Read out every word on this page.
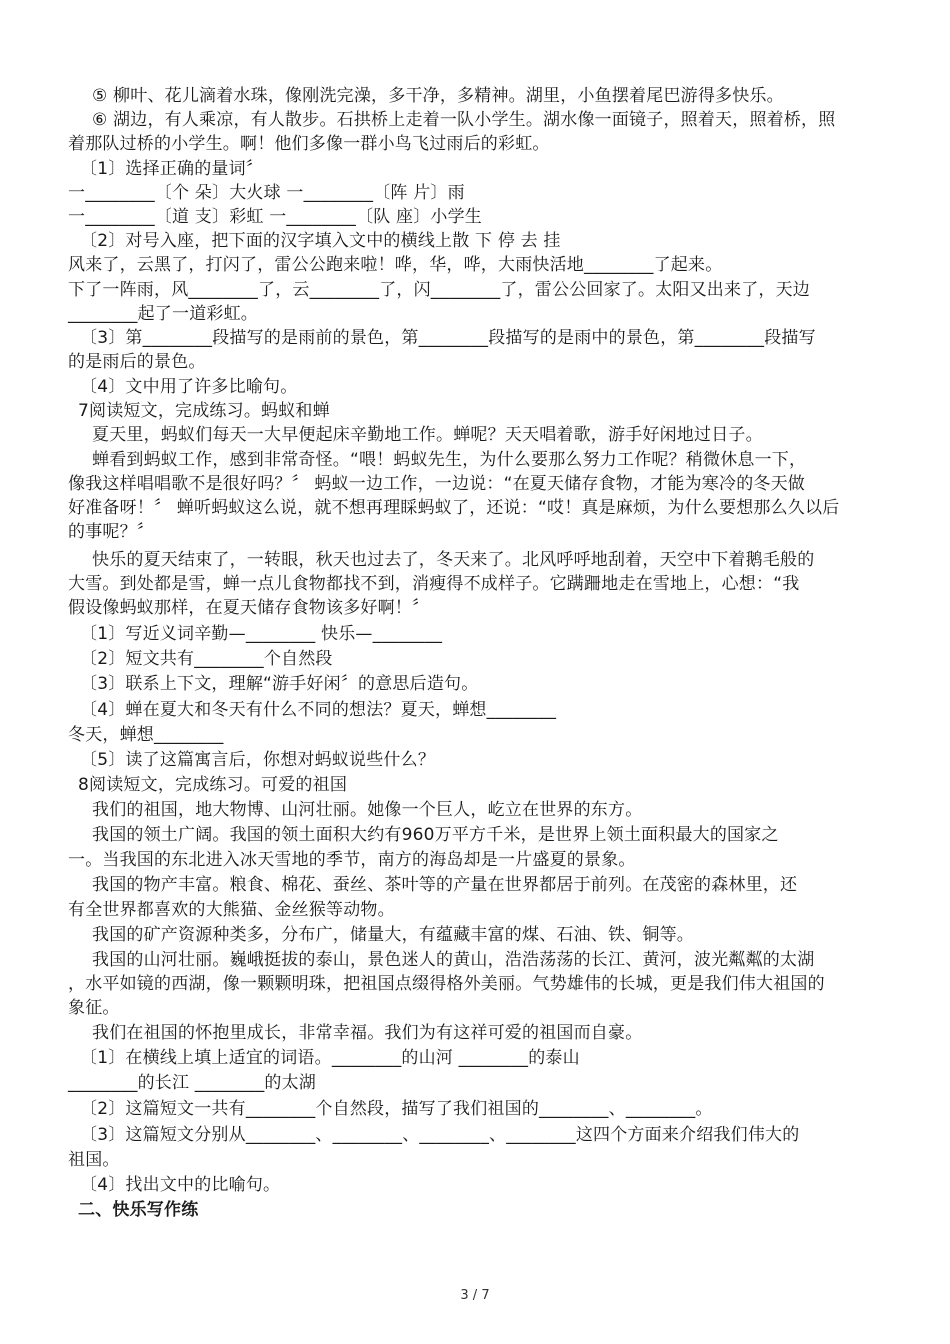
⑤ 柳叶、花儿滴着水珠，像刚洗完澡，多干净，多精神。湖里，小鱼摆着尾巴游得多快乐。
⑥ 湖边，有人乘凉，有人散步。石拱桥上走着一队小学生。湖水像一面镜子，照着天，照着桥，照
着那队过桥的小学生。啊！他们多像一群小鸟飞过雨后的彩虹。
〔1〕选择正确的量词〞
一________〔个 朵〕大火球 一________〔阵 片〕雨
一________〔道 支〕彩虹 一________〔队 座〕小学生
〔2〕对号入座，把下面的汉字填入文中的横线上散 下 停 去 挂
风来了，云黑了，打闪了，雷公公跑来啦！哗，华，哗，大雨快活地________了起来。
下了一阵雨，风________了，云________了，闪________了，雷公公回家了。太阳又出来了，天边
________起了一道彩虹。
〔3〕第________段描写的是雨前的景色，第________段描写的是雨中的景色，第________段描写
的是雨后的景色。
〔4〕文中用了许多比喻句。
7阅读短文，完成练习。蚂蚁和蝉
夏天里，蚂蚁们每天一大早便起床辛勤地工作。蝉呢？天天唱着歌，游手好闲地过日子。
蝉看到蚂蚁工作，感到非常奇怪。“喂！蚂蚁先生，为什么要那么努力工作呢？稍微休息一下，
像我这样唱唱歌不是很好吗？〞 蚂蚁一边工作，一边说：“在夏天储存食物，才能为寒冷的冬天做
好准备呀！〞 蝉听蚂蚁这么说，就不想再理睬蚂蚁了，还说：“哎！真是麻烦，为什么要想那么久以后
的事呢？〞
快乐的夏天结束了，一转眼，秋天也过去了，冬天来了。北风呼呼地刮着，天空中下着鹅毛般的
大雪。到处都是雪，蝉一点儿食物都找不到，消瘦得不成样子。它蹒跚地走在雪地上，心想：“我
假设像蚂蚁那样，在夏天储存食物该多好啊！〞
〔1〕写近义词辛勤—________ 快乐—________
〔2〕短文共有________个自然段
〔3〕联系上下文，理解“游手好闲〞的意思后造句。
〔4〕蝉在夏大和冬天有什么不同的想法？夏天，蝉想________
冬天，蝉想________
〔5〕读了这篇寓言后，你想对蚂蚁说些什么？
8阅读短文，完成练习。可爱的祖国
我们的祖国，地大物博、山河壮丽。她像一个巨人，屹立在世界的东方。
我国的领土广阔。我国的领土面积大约有960万平方千米，是世界上领土面积最大的国家之
一。当我国的东北进入冰天雪地的季节，南方的海岛却是一片盛夏的景象。
我国的物产丰富。粮食、棉花、蚕丝、茶叶等的产量在世界都居于前列。在茂密的森林里，还
有全世界都喜欢的大熊猫、金丝猴等动物。
我国的矿产资源种类多，分布广，储量大，有蕴藏丰富的煤、石油、铁、铜等。
我国的山河壮丽。巍峨挺拔的泰山，景色迷人的黄山，浩浩荡荡的长江、黄河，波光粼粼的太湖
，水平如镜的西湖，像一颗颗明珠，把祖国点缀得格外美丽。气势雄伟的长城，更是我们伟大祖国的
象征。
我们在祖国的怀抱里成长，非常幸福。我们为有这祥可爱的祖国而自豪。
〔1〕在横线上填上适宜的词语。________的山河 ________的泰山
________的长江 ________的太湖
〔2〕这篇短文一共有________个自然段，描写了我们祖国的________、________。
〔3〕这篇短文分别从________、________、________、________这四个方面来介绍我们伟大的
祖国。
〔4〕找出文中的比喻句。
二、快乐写作练
3 / 7
